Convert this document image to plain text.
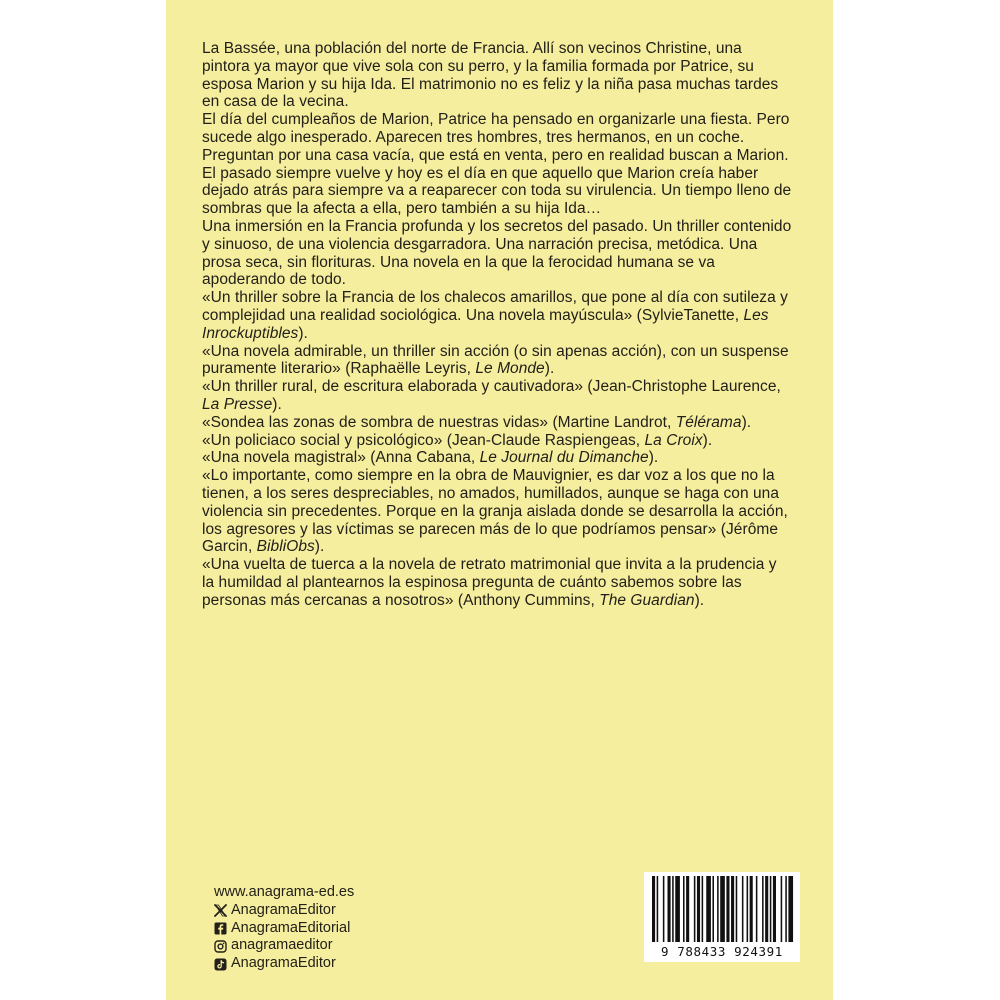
La Bassée, una población del norte de Francia. Allí son vecinos Christine, una pintora ya mayor que vive sola con su perro, y la familia formada por Patrice, su esposa Marion y su hija Ida. El matrimonio no es feliz y la niña pasa muchas tardes en casa de la vecina.

El día del cumpleaños de Marion, Patrice ha pensado en organizarle una fiesta. Pero sucede algo inesperado. Aparecen tres hombres, tres hermanos, en un coche. Preguntan por una casa vacía, que está en venta, pero en realidad buscan a Marion.

El pasado siempre vuelve y hoy es el día en que aquello que Marion creía haber dejado atrás para siempre va a reaparecer con toda su virulencia. Un tiempo lleno de sombras que la afecta a ella, pero también a su hija Ida…

Una inmersión en la Francia profunda y los secretos del pasado. Un thriller contenido y sinuoso, de una violencia desgarradora. Una narración precisa, metódica. Una prosa seca, sin florituras. Una novela en la que la ferocidad humana se va apoderando de todo.

«Un thriller sobre la Francia de los chalecos amarillos, que pone al día con sutileza y complejidad una realidad sociológica. Una novela mayúscula» (SylvieTanette, Les Inrockuptibles).

«Una novela admirable, un thriller sin acción (o sin apenas acción), con un suspense puramente literario» (Raphaëlle Leyris, Le Monde).

«Un thriller rural, de escritura elaborada y cautivadora» (Jean-Christophe Laurence, La Presse).

«Sondea las zonas de sombra de nuestras vidas» (Martine Landrot, Télérama).

«Un policiaco social y psicológico» (Jean-Claude Raspiengeas, La Croix).

«Una novela magistral» (Anna Cabana, Le Journal du Dimanche).

«Lo importante, como siempre en la obra de Mauvignier, es dar voz a los que no la tienen, a los seres despreciables, no amados, humillados, aunque se haga con una violencia sin precedentes. Porque en la granja aislada donde se desarrolla la acción, los agresores y las víctimas se parecen más de lo que podríamos pensar» (Jérôme Garcin, BibliObs).

«Una vuelta de tuerca a la novela de retrato matrimonial que invita a la prudencia y la humildad al plantearnos la espinosa pregunta de cuánto sabemos sobre las personas más cercanas a nosotros» (Anthony Cummins, The Guardian).

www.anagrama-ed.es
AnagramaEditor
AnagramaEditorial
anagramaeditor
AnagramaEditor
9 788433 924391
